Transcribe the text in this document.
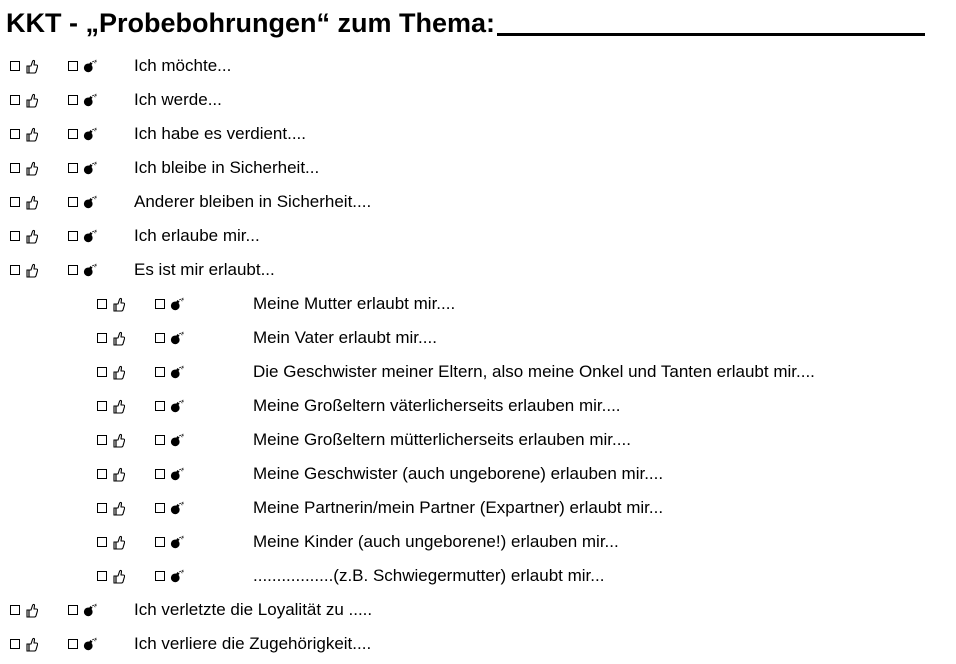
KKT - „Probebohrungen“ zum Thema:
Ich möchte...
Ich werde...
Ich habe es verdient....
Ich bleibe in Sicherheit...
Anderer bleiben in Sicherheit....
Ich erlaube mir...
Es ist mir erlaubt...
Meine Mutter erlaubt mir....
Mein Vater erlaubt mir....
Die Geschwister meiner Eltern, also meine Onkel und Tanten erlaubt mir....
Meine Großeltern väterlicherseits erlauben mir....
Meine Großeltern mütterlicherseits erlauben mir....
Meine Geschwister (auch ungeborene) erlauben mir....
Meine Partnerin/mein Partner (Expartner) erlaubt mir...
Meine Kinder (auch ungeborene!) erlauben mir...
.................(z.B. Schwiegermutter) erlaubt mir...
Ich verletzte die Loyalität zu .....
Ich verliere die Zugehörigkeit....
